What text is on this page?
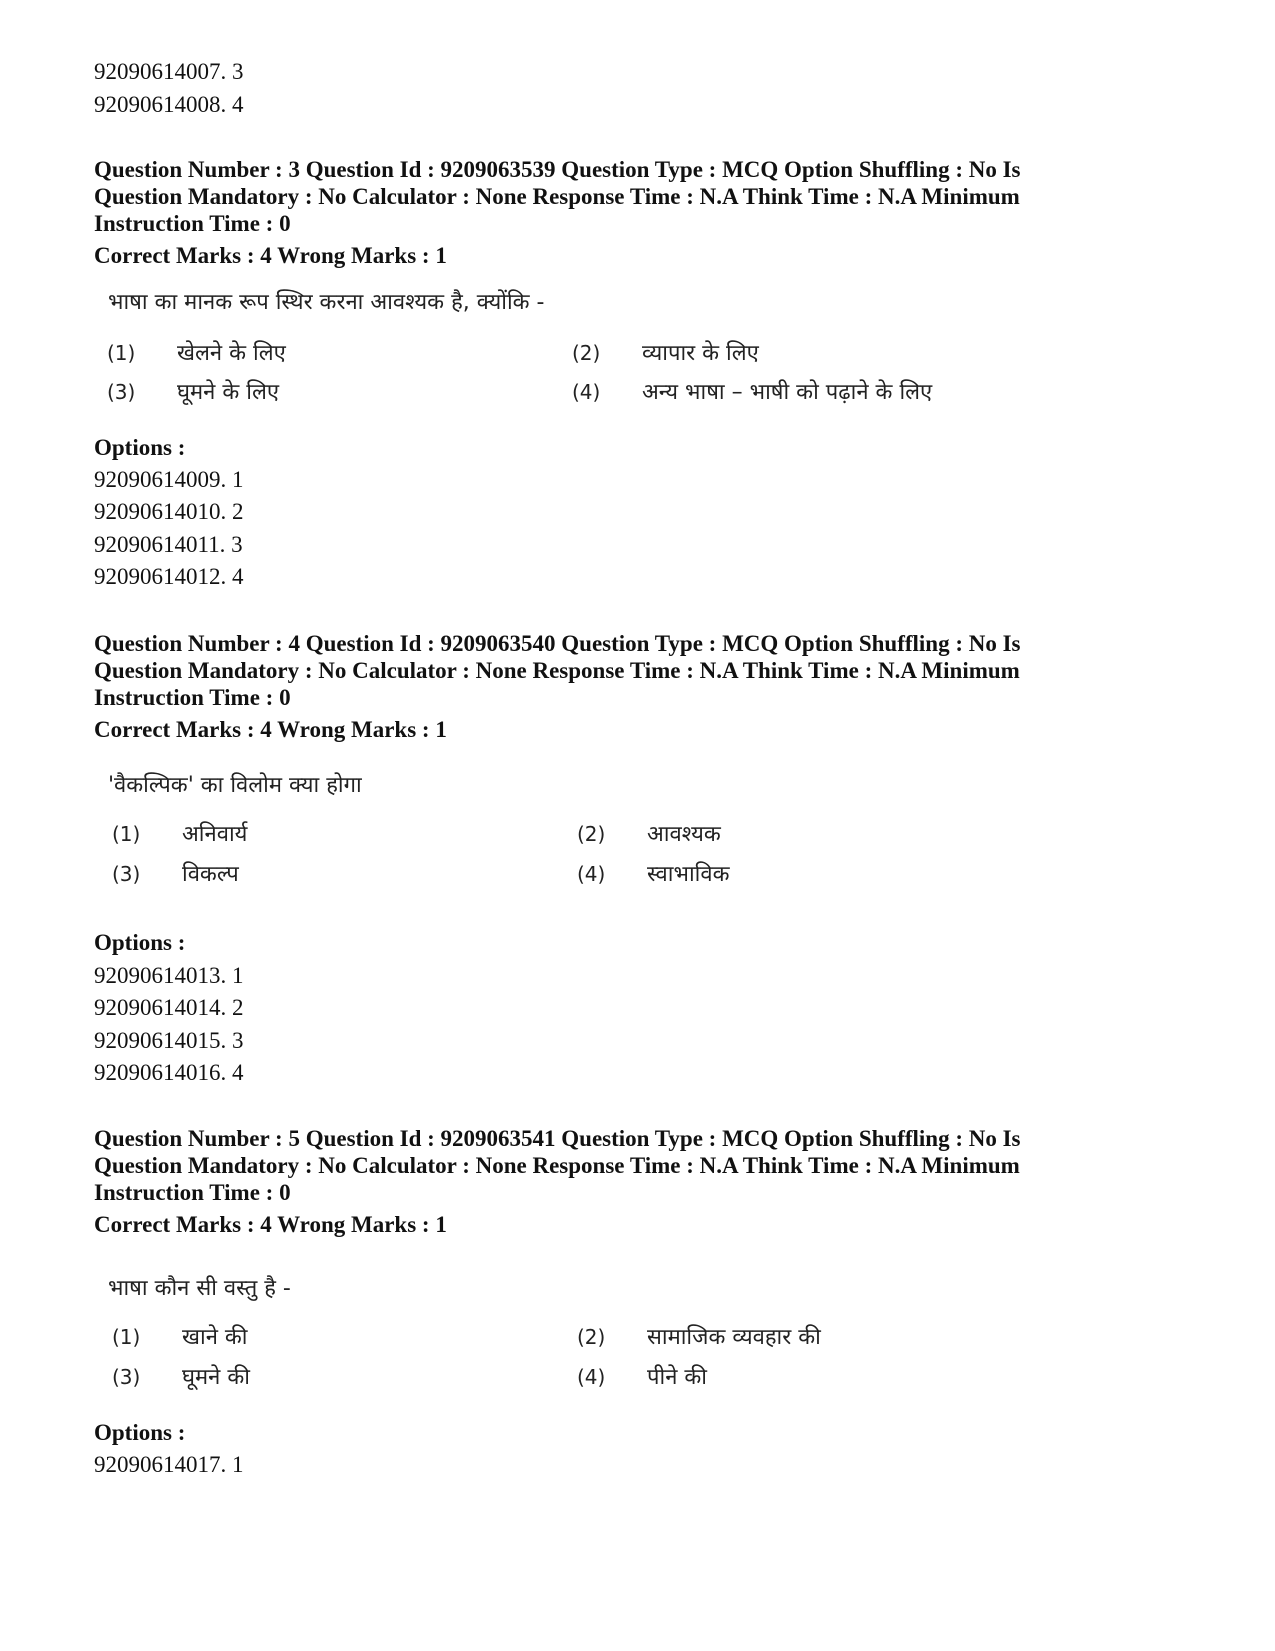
92090614007. 3
92090614008. 4
Question Number : 3 Question Id : 9209063539 Question Type : MCQ Option Shuffling : No Is Question Mandatory : No Calculator : None Response Time : N.A Think Time : N.A Minimum Instruction Time : 0
Correct Marks : 4 Wrong Marks : 1
भाषा का मानक रूप स्थिर करना आवश्यक है, क्योंकि -
(1) खेलने के लिए	(2) व्यापार के लिए
(3) घूमने के लिए	(4) अन्य भाषा – भाषी को पढ़ाने के लिए
Options :
92090614009. 1
92090614010. 2
92090614011. 3
92090614012. 4
Question Number : 4 Question Id : 9209063540 Question Type : MCQ Option Shuffling : No Is Question Mandatory : No Calculator : None Response Time : N.A Think Time : N.A Minimum Instruction Time : 0
Correct Marks : 4 Wrong Marks : 1
'वैकल्पिक' का विलोम क्या होगा
(1) अनिवार्य	(2) आवश्यक
(3) विकल्प	(4) स्वाभाविक
Options :
92090614013. 1
92090614014. 2
92090614015. 3
92090614016. 4
Question Number : 5 Question Id : 9209063541 Question Type : MCQ Option Shuffling : No Is Question Mandatory : No Calculator : None Response Time : N.A Think Time : N.A Minimum Instruction Time : 0
Correct Marks : 4 Wrong Marks : 1
भाषा कौन सी वस्तु है -
(1) खाने की	(2) सामाजिक व्यवहार की
(3) घूमने की	(4) पीने की
Options :
92090614017. 1
